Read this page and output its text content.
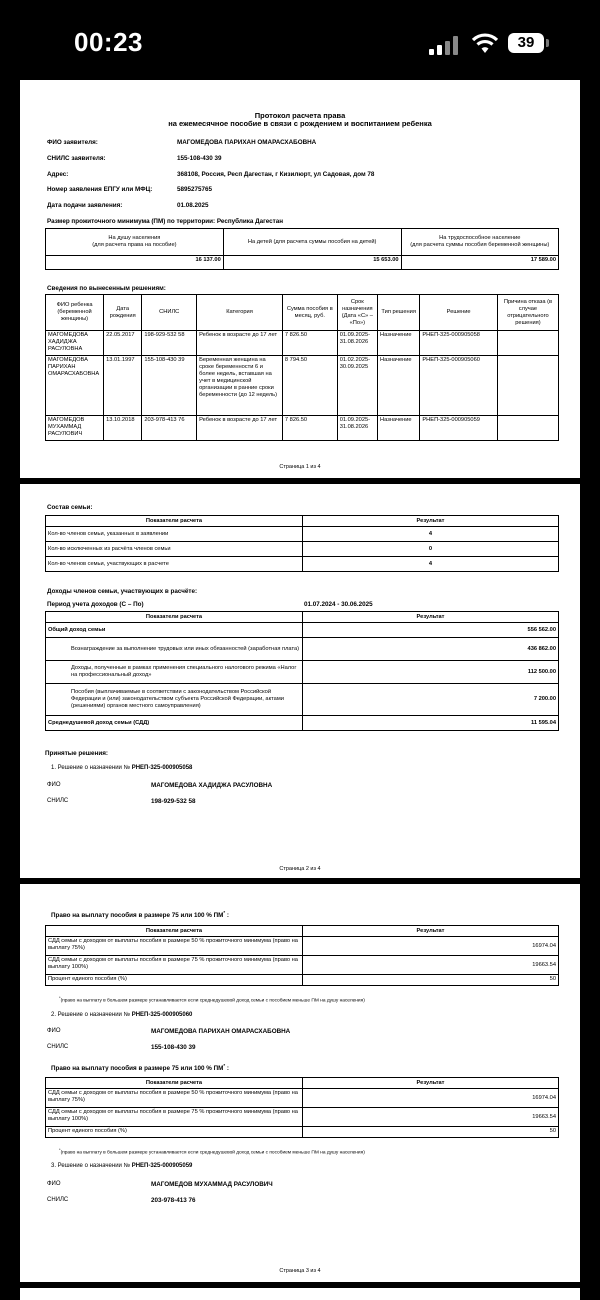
00:23	39
Протокол расчета права
на ежемесячное пособие в связи с рождением и воспитанием ребенка
ФИО заявителя:	МАГОМЕДОВА ПАРИХАН ОМАРАСХАБОВНА
СНИЛС заявителя:	155-108-430 39
Адрес:	368108, Россия, Респ Дагестан, г Кизилюрт, ул Садовая, дом 78
Номер заявления ЕПГУ или МФЦ:	5895275765
Дата подачи заявления:	01.08.2025
Размер прожиточного минимума (ПМ) по территории: Республика Дагестан
На душу населения
(для расчета права на пособие)	На детей (для расчета суммы пособия на детей)	На трудоспособное население
(для расчета суммы пособия беременной женщины)
16 137.00	15 653.00	17 589.00
Сведения по вынесенным решениям:
ФИО ребенка (беременной женщины)	Дата рождения	СНИЛС	Категория	Сумма пособия в месяц, руб.	Срок назначения (Дата «С» – «По»)	Тип решения	Решение	Причина отказа (в случае отрицательного решения)
МАГОМЕДОВА ХАДИДЖА РАСУЛОВНА	22.05.2017	198-929-532 58	Ребенок в возрасте до 17 лет	7 826.50	01.09.2025-31.08.2026	Назначение	РНЕП-325-000905058	
МАГОМЕДОВА ПАРИХАН ОМАРАСХАБОВНА	13.01.1997	155-108-430 39	Беременная женщина на сроке беременности 6 и более недель, вставшая на учет в медицинской организации в ранние сроки беременности (до 12 недель)	8 794.50	01.02.2025-30.09.2025	Назначение	РНЕП-325-000905060	
МАГОМЕДОВ МУХАММАД РАСУЛОВИЧ	13.10.2018	203-978-413 76	Ребенок в возрасте до 17 лет	7 826.50	01.09.2025-31.08.2026	Назначение	РНЕП-325-000905059	
Страница 1 из 4
Состав семьи:
Показатели расчета	Результат
Кол-во членов семьи, указанных в заявлении	4
Кол-во исключенных из расчёта членов семьи	0
Кол-во членов семьи, участвующих в расчете	4
Доходы членов семьи, участвующих в расчёте:
Период учета доходов (С – По)	01.07.2024 - 30.06.2025
Показатели расчета	Результат
Общий доход семьи	556 562.00
Вознаграждение за выполнение трудовых или иных обязанностей (заработная плата)	436 862.00
Доходы, полученные в рамках применения специального налогового режима «Налог на профессиональный доход»	112 500.00
Пособия (выплачиваемые в соответствии с законодательством Российской Федерации и (или) законодательством субъекта Российской Федерации, актами (решениями) органов местного самоуправления)	7 200.00
Среднедушевой доход семьи (СДД)	11 595.04
Принятые решения:
1. Решение о назначении № РНЕП-325-000905058
ФИО	МАГОМЕДОВА ХАДИДЖА РАСУЛОВНА
СНИЛС	198-929-532 58
Страница 2 из 4
Право на выплату пособия в размере 75 или 100 % ПМ* :
Показатели расчета	Результат
СДД семьи с доходом от выплаты пособия в размере 50 % прожиточного минимума (право на выплату 75%)	16974.04
СДД семьи с доходом от выплаты пособия в размере 75 % прожиточного минимума (право на выплату 100%)	19663.54
Процент единого пособия (%)	50
*(право на выплату в большем размере устанавливается если среднедушевой доход семьи с пособием меньше ПМ на душу населения)
2. Решение о назначении № РНЕП-325-000905060
ФИО	МАГОМЕДОВА ПАРИХАН ОМАРАСХАБОВНА
СНИЛС	155-108-430 39
Право на выплату пособия в размере 75 или 100 % ПМ* :
Показатели расчета	Результат
СДД семьи с доходом от выплаты пособия в размере 50 % прожиточного минимума (право на выплату 75%)	16974.04
СДД семьи с доходом от выплаты пособия в размере 75 % прожиточного минимума (право на выплату 100%)	19663.54
Процент единого пособия (%)	50
*(право на выплату в большем размере устанавливается если среднедушевой доход семьи с пособием меньше ПМ на душу населения)
3. Решение о назначении № РНЕП-325-000905059
ФИО	МАГОМЕДОВ МУХАММАД РАСУЛОВИЧ
СНИЛС	203-978-413 76
Страница 3 из 4
